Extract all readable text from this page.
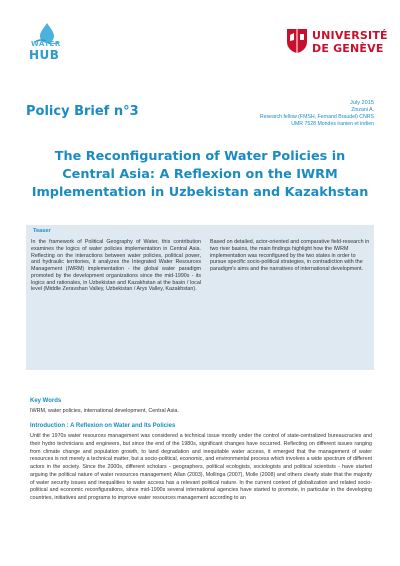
WATER
HUB
UNIVERSITÉ
DE GENÈVE
Policy Brief n°3
July 2015
Zinzani A.
Research fellow (FMSH, Fernand Braudel) CNRS
UMR 7528 Mondes iranien et indien
The Reconfiguration of Water Policies in Central Asia: A Reflexion on the IWRM Implementation in Uzbekistan and Kazakhstan
Teaser
In the framework of Political Geography of Water, this contribution examines the logics of water policies implementation in Central Asia. Reflecting on the interactions between water policies, political power, and hydraulic territories, it analyzes the Integrated Water Resources Management (IWRM) implementation - the global water paradigm promoted by the development organizations since the mid-1990s - its logics and rationales, in Uzbekistan and Kazakhstan at the basin / local level (Middle Zeravshan Valley, Uzbekistan / Arys Valley, Kazakhstan).
Based on detailed, actor-oriented and comparative field-research in two river basins, the main findings highlight how the IWRM implementation was reconfigured by the two states in order to pursue specific socio-political strategies, in contradiction with the paradigm's aims and the narratives of international development.
Key Words
IWRM, water policies, international development, Central Asia.
Introduction : A Reflexion on Water and Its Policies
Until the 1970s water resources management was considered a technical issue mostly under the control of state-centralized bureaucracies and their hydro technicians and engineers, but since the end of the 1980s, significant changes have occurred. Reflecting on different issues ranging from climate change and population growth, to land degradation and inequitable water access, it emerged that the management of water resources is not merely a technical matter, but a socio-political, economic, and environmental process which involves a wide spectrum of different actors in the society. Since the 2000s, different scholars - geographers, political ecologists, sociologists and political scientists - have started arguing the political nature of water resources management; Allan (2003), Mollinga (2007), Molle (2008) and others clearly state that the majority of water security issues and inequalities to water access has a relevant political nature. In the current context of globalization and related socio-political and economic reconfigurations, since mid-1990s several international agencies have started to promote, in particular in the developing countries, initiatives and programs to improve water resources management according to an
